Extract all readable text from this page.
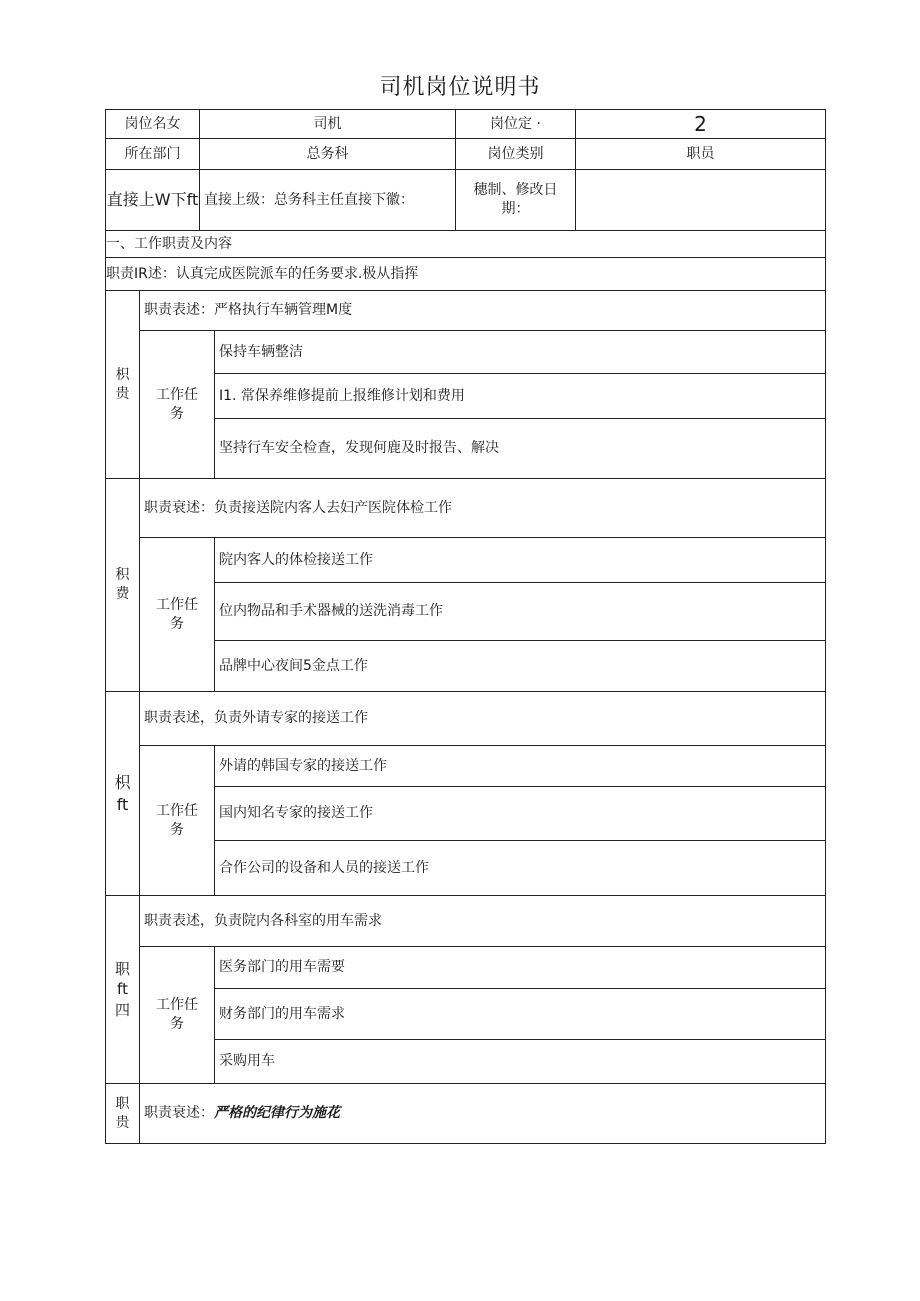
司机岗位说明书
岗位名女		司机		岗位定 ·	2
所在部门		总务科		岗位类别	职员
直接上W下ft		直接上级：总务科主任直接下徽：		穗制、修改日期：	
一、工作职责及内容					
职责IR述：认真完成医院派车的任务要求.极从指挥					
枳贵	职责表述：严格执行车辆管理M度				
	工作任务		保持车辆整洁		
			I1. 常保养维修提前上报维修计划和费用		
			坚持行车安全检查，发现何鹿及时报告、解决		
积费	职责衰述：负责接送院内客人去妇产医院体检工作				
	工作任务		院内客人的体检接送工作		
			位内物品和手术器械的送洗消毒工作		
			品牌中心夜间5金点工作		
枳ft	职责表述，负责外请专家的接送工作				
	工作任务		外请的韩国专家的接送工作		
			国内知名专家的接送工作		
			合作公司的设备和人员的接送工作		
职ft四	职责表述，负责院内各科室的用车需求				
	工作任务		医务部门的用车需要		
			财务部门的用车需求		
			采购用车		
职贵	职责衰述：严格的纪律行为施花				
